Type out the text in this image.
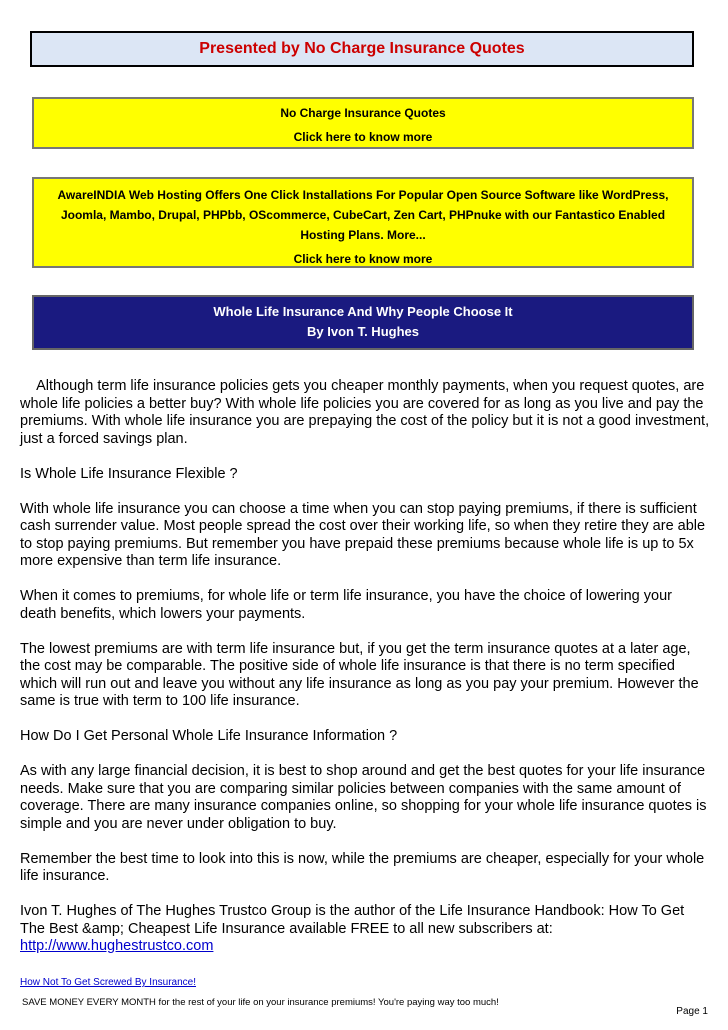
Presented by No Charge Insurance Quotes
No Charge Insurance Quotes
Click here to know more
AwareINDIA Web Hosting Offers One Click Installations For Popular Open Source Software like WordPress, Joomla, Mambo, Drupal, PHPbb, OScommerce, CubeCart, Zen Cart, PHPnuke with our Fantastico Enabled Hosting Plans. More...
Click here to know more
Whole Life Insurance And Why People Choose It
By Ivon T. Hughes

Although term life insurance policies gets you cheaper monthly payments, when you request quotes, are whole life policies a better buy? With whole life policies you are covered for as long as you live and pay the premiums. With whole life insurance you are prepaying the cost of the policy but it is not a good investment, just a forced savings plan.

Is Whole Life Insurance Flexible ?

With whole life insurance you can choose a time when you can stop paying premiums, if there is sufficient cash surrender value. Most people spread the cost over their working life, so when they retire they are able to stop paying premiums. But remember you have prepaid these premiums because whole life is up to 5x more expensive than term life insurance.

When it comes to premiums, for whole life or term life insurance, you have the choice of lowering your death benefits, which lowers your payments.

The lowest premiums are with term life insurance but, if you get the term insurance quotes at a later age, the cost may be comparable. The positive side of whole life insurance is that there is no term specified which will run out and leave you without any life insurance as long as you pay your premium. However the same is true with term to 100 life insurance.

How Do I Get Personal Whole Life Insurance Information ?

As with any large financial decision, it is best to shop around and get the best quotes for your life insurance needs. Make sure that you are comparing similar policies between companies with the same amount of coverage. There are many insurance companies online, so shopping for your whole life insurance quotes is simple and you are never under obligation to buy.

Remember the best time to look into this is now, while the premiums are cheaper, especially for your whole life insurance.

Ivon T. Hughes of The Hughes Trustco Group is the author of the Life Insurance Handbook: How To Get The Best &amp; Cheapest Life Insurance available FREE to all new subscribers at:
http://www.hughestrustco.com

How Not To Get Screwed By Insurance!
SAVE MONEY EVERY MONTH for the rest of your life on your insurance premiums! You're paying way too much!
Page 1
